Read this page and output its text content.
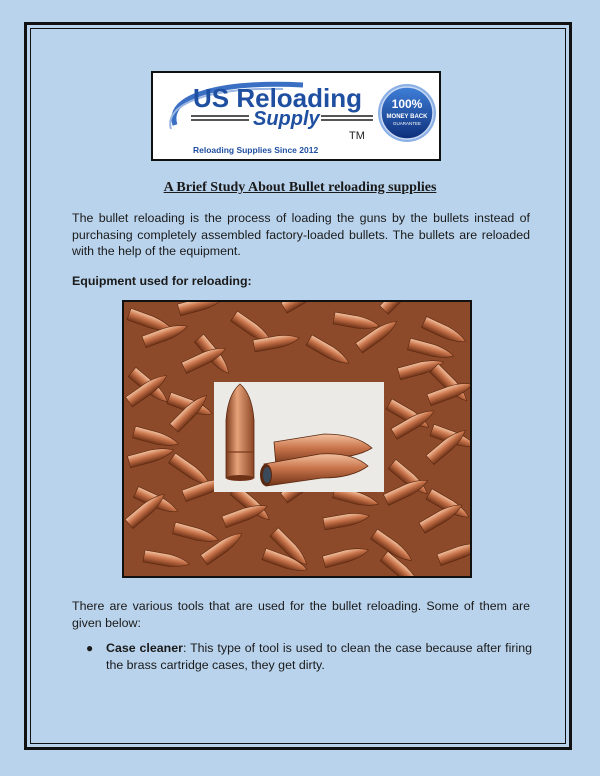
US Reloading
Supply
TM
Reloading Supplies Since 2012
100%
MONEY BACK
GUARANTEE
A Brief Study About Bullet reloading supplies
The bullet reloading is the process of loading the guns by the bullets instead of purchasing completely assembled factory-loaded bullets. The bullets are reloaded with the help of the equipment.
Equipment used for reloading:
There are various tools that are used for the bullet reloading. Some of them are given below:
●	Case cleaner: This type of tool is used to clean the case because after firing the brass cartridge cases, they get dirty.
